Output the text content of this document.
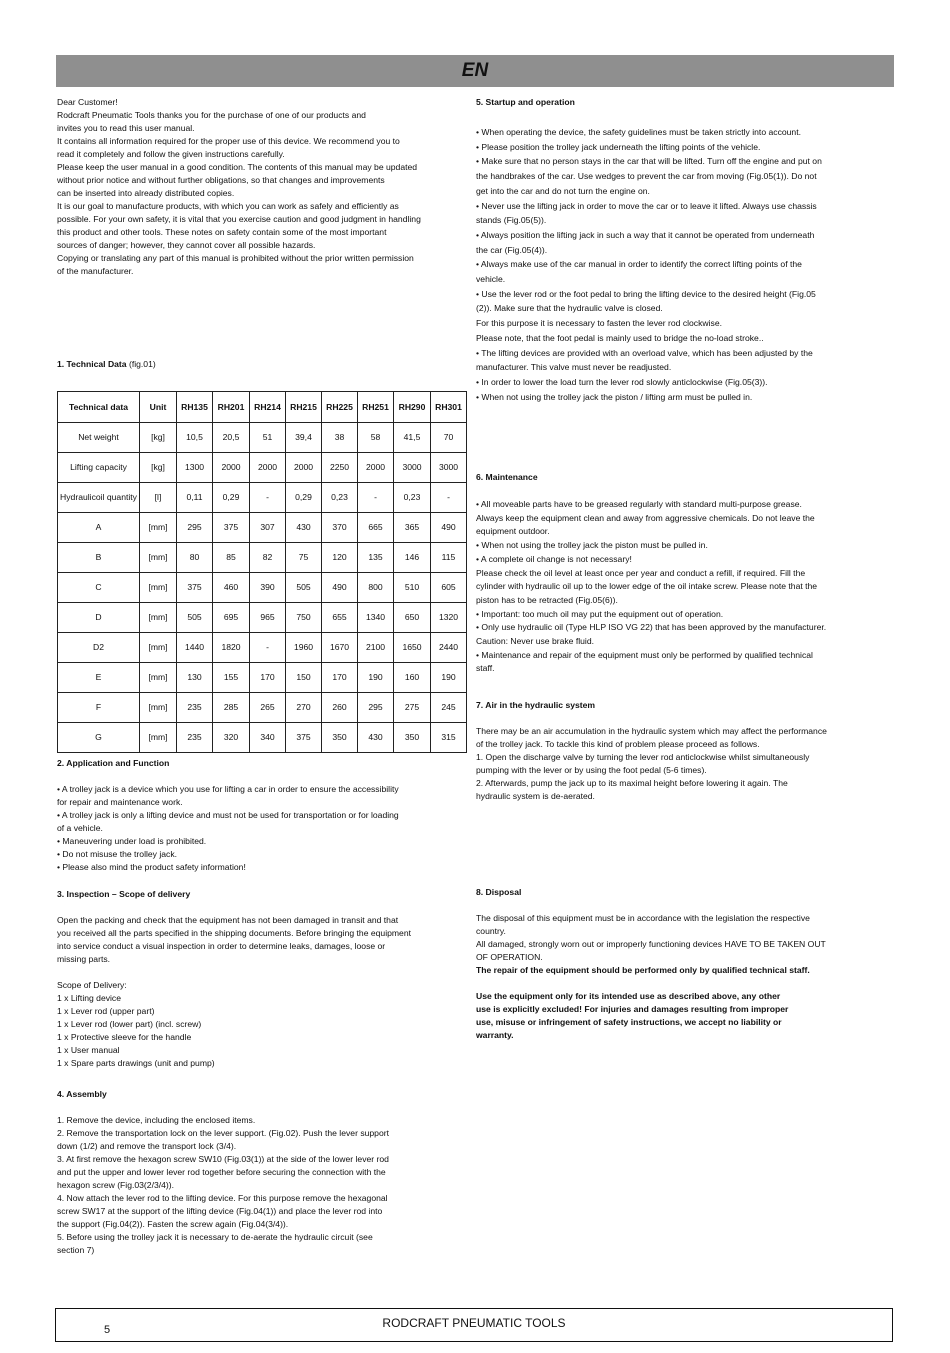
EN

Dear Customer!

Rodcraft Pneumatic Tools thanks you for the purchase of one of our products and

invites you to read this user manual.

It contains all information required for the proper use of this device. We recommend you to

read it completely and follow the given instructions carefully.

Please keep the user manual in a good condition. The contents of this manual may be updated

without prior notice and without further obligations, so that changes and improvements

can be inserted into already distributed copies.

It is our goal to manufacture products, with which you can work as safely and efficiently as

possible. For your own safety, it is vital that you exercise caution and good judgment in handling

this product and other tools. These notes on safety contain some of the most important

sources of danger; however, they cannot cover all possible hazards.

Copying or translating any part of this manual is prohibited without the prior written permission

of the manufacturer.

1. Technical Data (fig.01)
Technical data	Unit	RH135	RH201	RH214	RH215	RH225	RH251	RH290	RH301
Net weight	[kg]	10,5	20,5	51	39,4	38	58	41,5	70
Lifting capacity	[kg]	1300	2000	2000	2000	2250	2000	3000	3000
Hydraulicoil quantity	[l]	0,11	0,29	-	0,29	0,23	-	0,23	-
A	[mm]	295	375	307	430	370	665	365	490
B	[mm]	80	85	82	75	120	135	146	115
C	[mm]	375	460	390	505	490	800	510	605
D	[mm]	505	695	965	750	655	1340	650	1320
D2	[mm]	1440	1820	-	1960	1670	2100	1650	2440
E	[mm]	130	155	170	150	170	190	160	190
F	[mm]	235	285	265	270	260	295	275	245
G	[mm]	235	320	340	375	350	430	350	315

2. Application and Function

• A trolley jack is a device which you use for lifting a car in order to ensure the accessibility
for repair and maintenance work.
• A trolley jack is only a lifting device and must not be used for transportation or for loading
of a vehicle.
• Maneuvering under load is prohibited.
• Do not misuse the trolley jack.
• Please also mind the product safety information!

3. Inspection – Scope of delivery

Open the packing and check that the equipment has not been damaged in transit and that
you received all the parts specified in the shipping documents. Before bringing the equipment
into service conduct a visual inspection in order to determine leaks, damages, loose or
missing parts.

Scope of Delivery:
1 x Lifting device
1 x Lever rod (upper part)
1 x Lever rod (lower part) (incl. screw)
1 x Protective sleeve for the handle
1 x User manual
1 x Spare parts drawings (unit and pump)

4. Assembly

1. Remove the device, including the enclosed items.
2. Remove the transportation lock on the lever support. (Fig.02). Push the lever support
down (1/2) and remove the transport lock (3/4).
3. At first remove the hexagon screw SW10 (Fig.03(1)) at the side of the lower lever rod
and put the upper and lower lever rod together before securing the connection with the
hexagon screw (Fig.03(2/3/4)).
4. Now attach the lever rod to the lifting device. For this purpose remove the hexagonal
screw SW17 at the support of the lifting device (Fig.04(1)) and place the lever rod into
the support (Fig.04(2)). Fasten the screw again (Fig.04(3/4)).
5. Before using the trolley jack it is necessary to de-aerate the hydraulic circuit (see
section 7)

5. Startup and operation

• When operating the device, the safety guidelines must be taken strictly into account.
• Please position the trolley jack underneath the lifting points of the vehicle.
• Make sure that no person stays in the car that will be lifted. Turn off the engine and put on
the handbrakes of the car. Use wedges to prevent the car from moving (Fig.05(1)). Do not
get into the car and do not turn the engine on.
• Never use the lifting jack in order to move the car or to leave it lifted. Always use chassis
stands (Fig.05(5)).
• Always position the lifting jack in such a way that it cannot be operated from underneath
the car (Fig.05(4)).
• Always make use of the car manual in order to identify the correct lifting points of the
vehicle.
• Use the lever rod or the foot pedal to bring the lifting device to the desired height (Fig.05
(2)). Make sure that the hydraulic valve is closed.
For this purpose it is necessary to fasten the lever rod clockwise.
Please note, that the foot pedal is mainly used to bridge the no-load stroke..
• The lifting devices are provided with an overload valve, which has been adjusted by the
manufacturer. This valve must never be readjusted.
• In order to lower the load turn the lever rod slowly anticlockwise (Fig.05(3)).
• When not using the trolley jack the piston / lifting arm must be pulled in.

6. Maintenance

• All moveable parts have to be greased regularly with standard multi-purpose grease.
Always keep the equipment clean and away from aggressive chemicals. Do not leave the
equipment outdoor.
• When not using the trolley jack the piston must be pulled in.
• A complete oil change is not necessary!
Please check the oil level at least once per year and conduct a refill, if required. Fill the
cylinder with hydraulic oil up to the lower edge of the oil intake screw. Please note that the
piston has to be retracted (Fig.05(6)).
• Important: too much oil may put the equipment out of operation.
• Only use hydraulic oil (Type HLP ISO VG 22) that has been approved by the manufacturer.
Caution: Never use brake fluid.
• Maintenance and repair of the equipment must only be performed by qualified technical
staff.

7. Air in the hydraulic system

There may be an air accumulation in the hydraulic system which may affect the performance
of the trolley jack. To tackle this kind of problem please proceed as follows.
1. Open the discharge valve by turning the lever rod anticlockwise whilst simultaneously
pumping with the lever or by using the foot pedal (5-6 times).
2. Afterwards, pump the jack up to its maximal height before lowering it again. The
hydraulic system is de-aerated.

8. Disposal

The disposal of this equipment must be in accordance with the legislation the respective
country.
All damaged, strongly worn out or improperly functioning devices HAVE TO BE TAKEN OUT
OF OPERATION.

The repair of the equipment should be performed only by qualified technical staff.

Use the equipment only for its intended use as described above, any other
use is explicitly excluded! For injuries and damages resulting from improper
use, misuse or infringement of safety instructions, we accept no liability or
warranty.

5	RODCRAFT PNEUMATIC TOOLS
